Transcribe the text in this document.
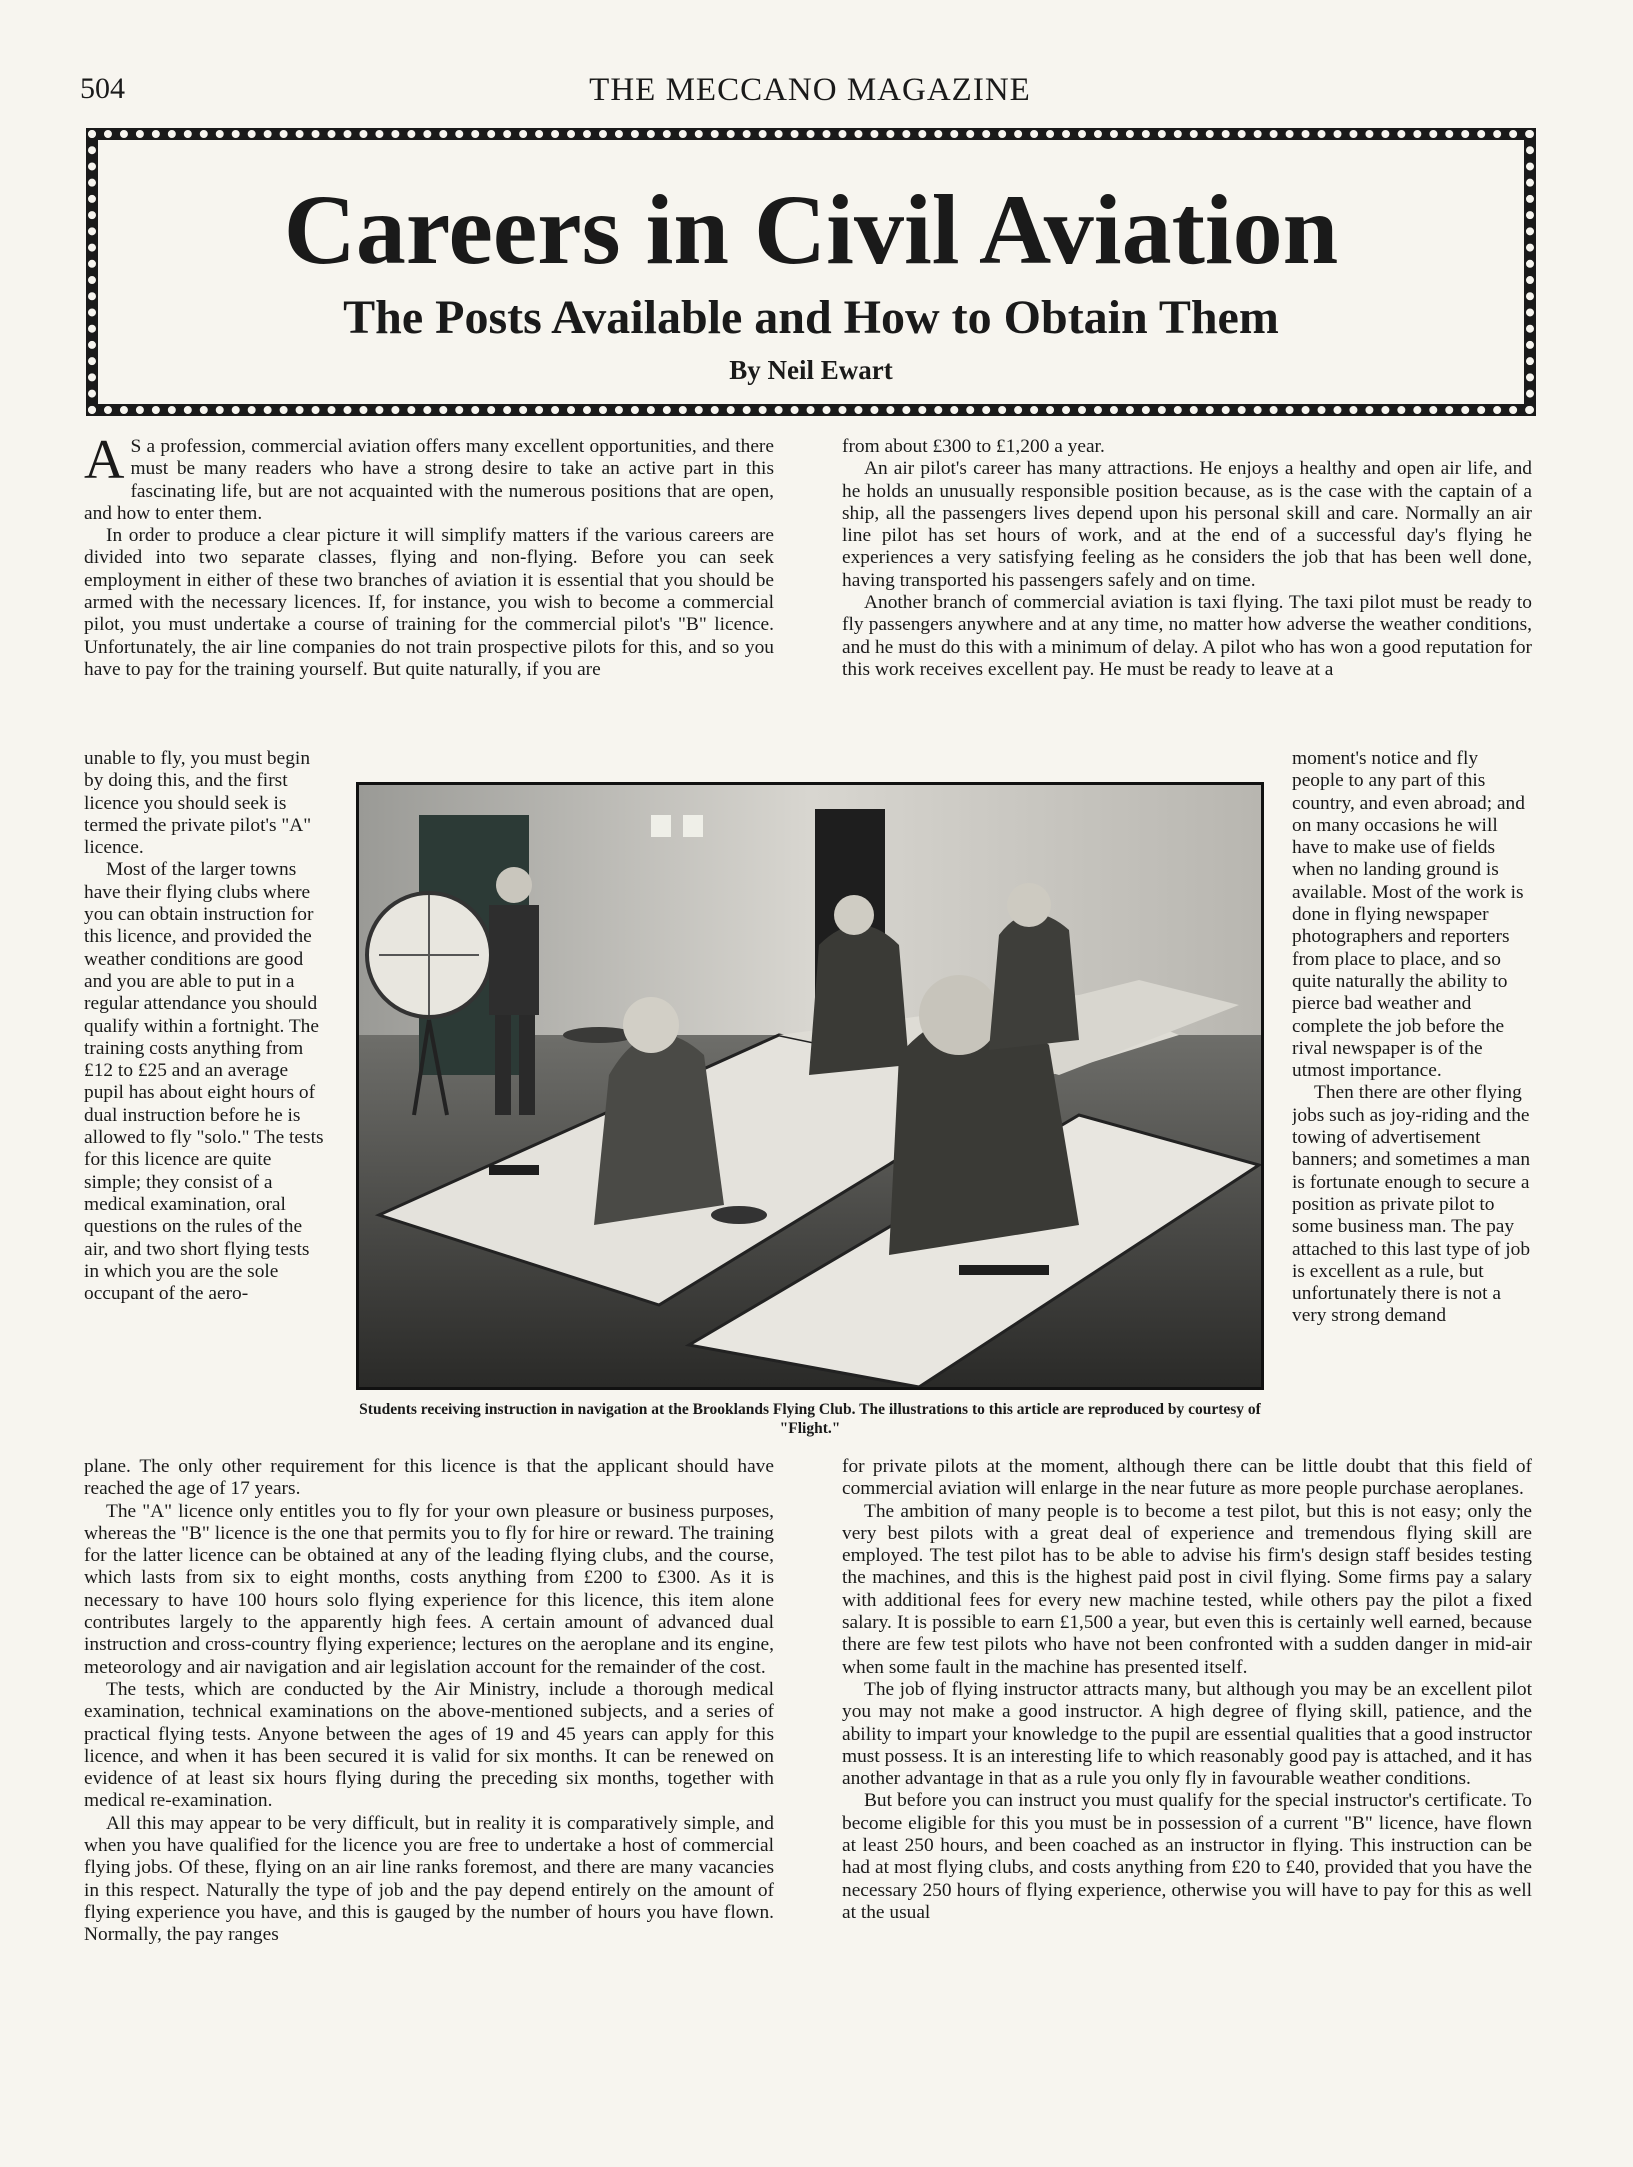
504	THE MECCANO MAGAZINE
Careers in Civil Aviation
The Posts Available and How to Obtain Them
By Neil Ewart

A S a profession, commercial aviation offers many excellent opportunities, and there must be many readers who have a strong desire to take an active part in this fascinating life, but are not acquainted with the numerous positions that are open, and how to enter them.

In order to produce a clear picture it will simplify matters if the various careers are divided into two separate classes, flying and non-flying. Before you can seek employment in either of these two branches of aviation it is essential that you should be armed with the necessary licences. If, for instance, you wish to become a commercial pilot, you must undertake a course of training for the commercial pilot's "B" licence. Unfortunately, the air line companies do not train prospective pilots for this, and so you have to pay for the training yourself. But quite naturally, if you are

unable to fly, you must begin by doing this, and the first licence you should seek is termed the private pilot's "A" licence.

Most of the larger towns have their flying clubs where you can obtain instruction for this licence, and provided the weather conditions are good and you are able to put in a regular attendance you should qualify within a fortnight. The training costs anything from £12 to £25 and an average pupil has about eight hours of dual instruction before he is allowed to fly "solo." The tests for this licence are quite simple; they consist of a medical examination, oral questions on the rules of the air, and two short flying tests in which you are the sole occupant of the aero-

Students receiving instruction in navigation at the Brooklands Flying Club. The illustrations to this article are reproduced by courtesy of "Flight."

plane. The only other requirement for this licence is that the applicant should have reached the age of 17 years.

The "A" licence only entitles you to fly for your own pleasure or business purposes, whereas the "B" licence is the one that permits you to fly for hire or reward. The training for the latter licence can be obtained at any of the leading flying clubs, and the course, which lasts from six to eight months, costs anything from £200 to £300. As it is necessary to have 100 hours solo flying experience for this licence, this item alone contributes largely to the apparently high fees. A certain amount of advanced dual instruction and cross-country flying experience; lectures on the aeroplane and its engine, meteorology and air navigation and air legislation account for the remainder of the cost.

The tests, which are conducted by the Air Ministry, include a thorough medical examination, technical examinations on the above-mentioned subjects, and a series of practical flying tests. Anyone between the ages of 19 and 45 years can apply for this licence, and when it has been secured it is valid for six months. It can be renewed on evidence of at least six hours flying during the preceding six months, together with medical re-examination.

All this may appear to be very difficult, but in reality it is comparatively simple, and when you have qualified for the licence you are free to undertake a host of commercial flying jobs. Of these, flying on an air line ranks foremost, and there are many vacancies in this respect. Naturally the type of job and the pay depend entirely on the amount of flying experience you have, and this is gauged by the number of hours you have flown. Normally, the pay ranges

from about £300 to £1,200 a year.

An air pilot's career has many attractions. He enjoys a healthy and open air life, and he holds an unusually responsible position because, as is the case with the captain of a ship, all the passengers lives depend upon his personal skill and care. Normally an air line pilot has set hours of work, and at the end of a successful day's flying he experiences a very satisfying feeling as he considers the job that has been well done, having transported his passengers safely and on time.

Another branch of commercial aviation is taxi flying. The taxi pilot must be ready to fly passengers anywhere and at any time, no matter how adverse the weather conditions, and he must do this with a minimum of delay. A pilot who has won a good reputation for this work receives excellent pay. He must be ready to leave at a

moment's notice and fly people to any part of this country, and even abroad; and on many occasions he will have to make use of fields when no landing ground is available. Most of the work is done in flying newspaper photographers and reporters from place to place, and so quite naturally the ability to pierce bad weather and complete the job before the rival newspaper is of the utmost importance.

Then there are other flying jobs such as joy-riding and the towing of advertisement banners; and sometimes a man is fortunate enough to secure a position as private pilot to some business man. The pay attached to this last type of job is excellent as a rule, but unfortunately there is not a very strong demand

for private pilots at the moment, although there can be little doubt that this field of commercial aviation will enlarge in the near future as more people purchase aeroplanes.

The ambition of many people is to become a test pilot, but this is not easy; only the very best pilots with a great deal of experience and tremendous flying skill are employed. The test pilot has to be able to advise his firm's design staff besides testing the machines, and this is the highest paid post in civil flying. Some firms pay a salary with additional fees for every new machine tested, while others pay the pilot a fixed salary. It is possible to earn £1,500 a year, but even this is certainly well earned, because there are few test pilots who have not been confronted with a sudden danger in mid-air when some fault in the machine has presented itself.

The job of flying instructor attracts many, but although you may be an excellent pilot you may not make a good instructor. A high degree of flying skill, patience, and the ability to impart your knowledge to the pupil are essential qualities that a good instructor must possess. It is an interesting life to which reasonably good pay is attached, and it has another advantage in that as a rule you only fly in favourable weather conditions.

But before you can instruct you must qualify for the special instructor's certificate. To become eligible for this you must be in possession of a current "B" licence, have flown at least 250 hours, and been coached as an instructor in flying. This instruction can be had at most flying clubs, and costs anything from £20 to £40, provided that you have the necessary 250 hours of flying experience, otherwise you will have to pay for this as well at the usual
